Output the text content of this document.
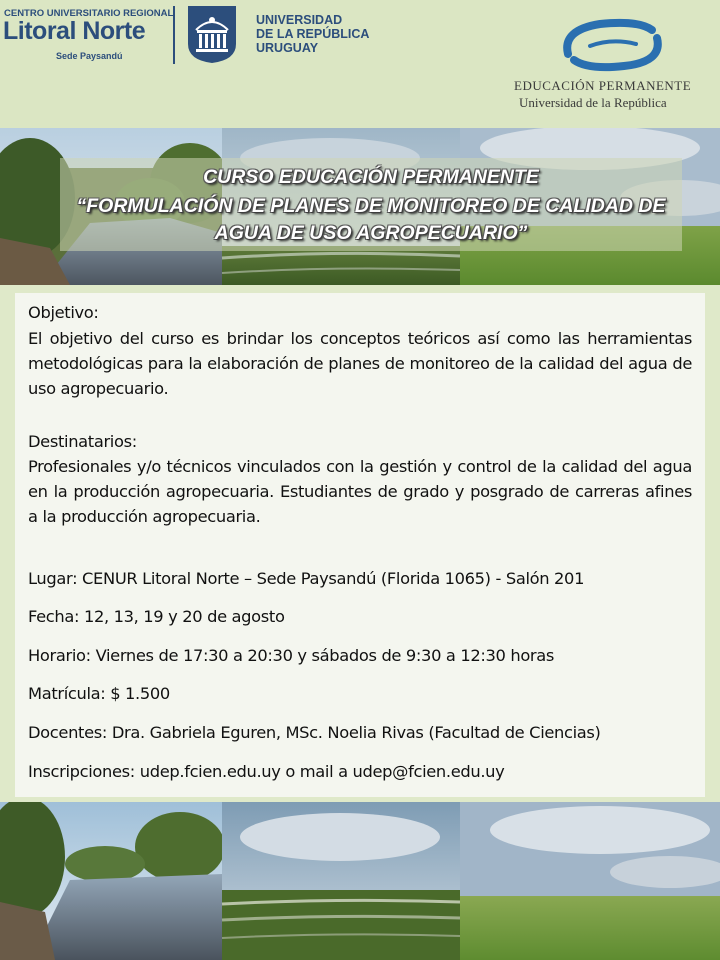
CENTRO UNIVERSITARIO REGIONAL
Litoral Norte
Sede Paysandú
UNIVERSIDAD
DE LA REPÚBLICA
URUGUAY
EDUCACIÓN PERMANENTE
Universidad de la República
CURSO EDUCACIÓN PERMANENTE
“FORMULACIÓN DE PLANES DE MONITOREO DE CALIDAD DE
AGUA DE USO AGROPECUARIO”
Objetivo:
El objetivo del curso es brindar los conceptos teóricos así como las herramientas metodológicas para la elaboración de planes de monitoreo de la calidad del agua de uso agropecuario.
Destinatarios:
Profesionales y/o técnicos vinculados con la gestión y control de la calidad del agua en la producción agropecuaria. Estudiantes de grado y posgrado de carreras afines a la producción agropecuaria.
Lugar: CENUR Litoral Norte – Sede Paysandú (Florida 1065) - Salón 201
Fecha: 12, 13, 19 y 20 de agosto
Horario: Viernes de 17:30 a 20:30 y sábados de 9:30 a 12:30 horas
Matrícula: $ 1.500
Docentes: Dra. Gabriela Eguren, MSc. Noelia Rivas (Facultad de Ciencias)
Inscripciones: udep.fcien.edu.uy o mail a udep@fcien.edu.uy
